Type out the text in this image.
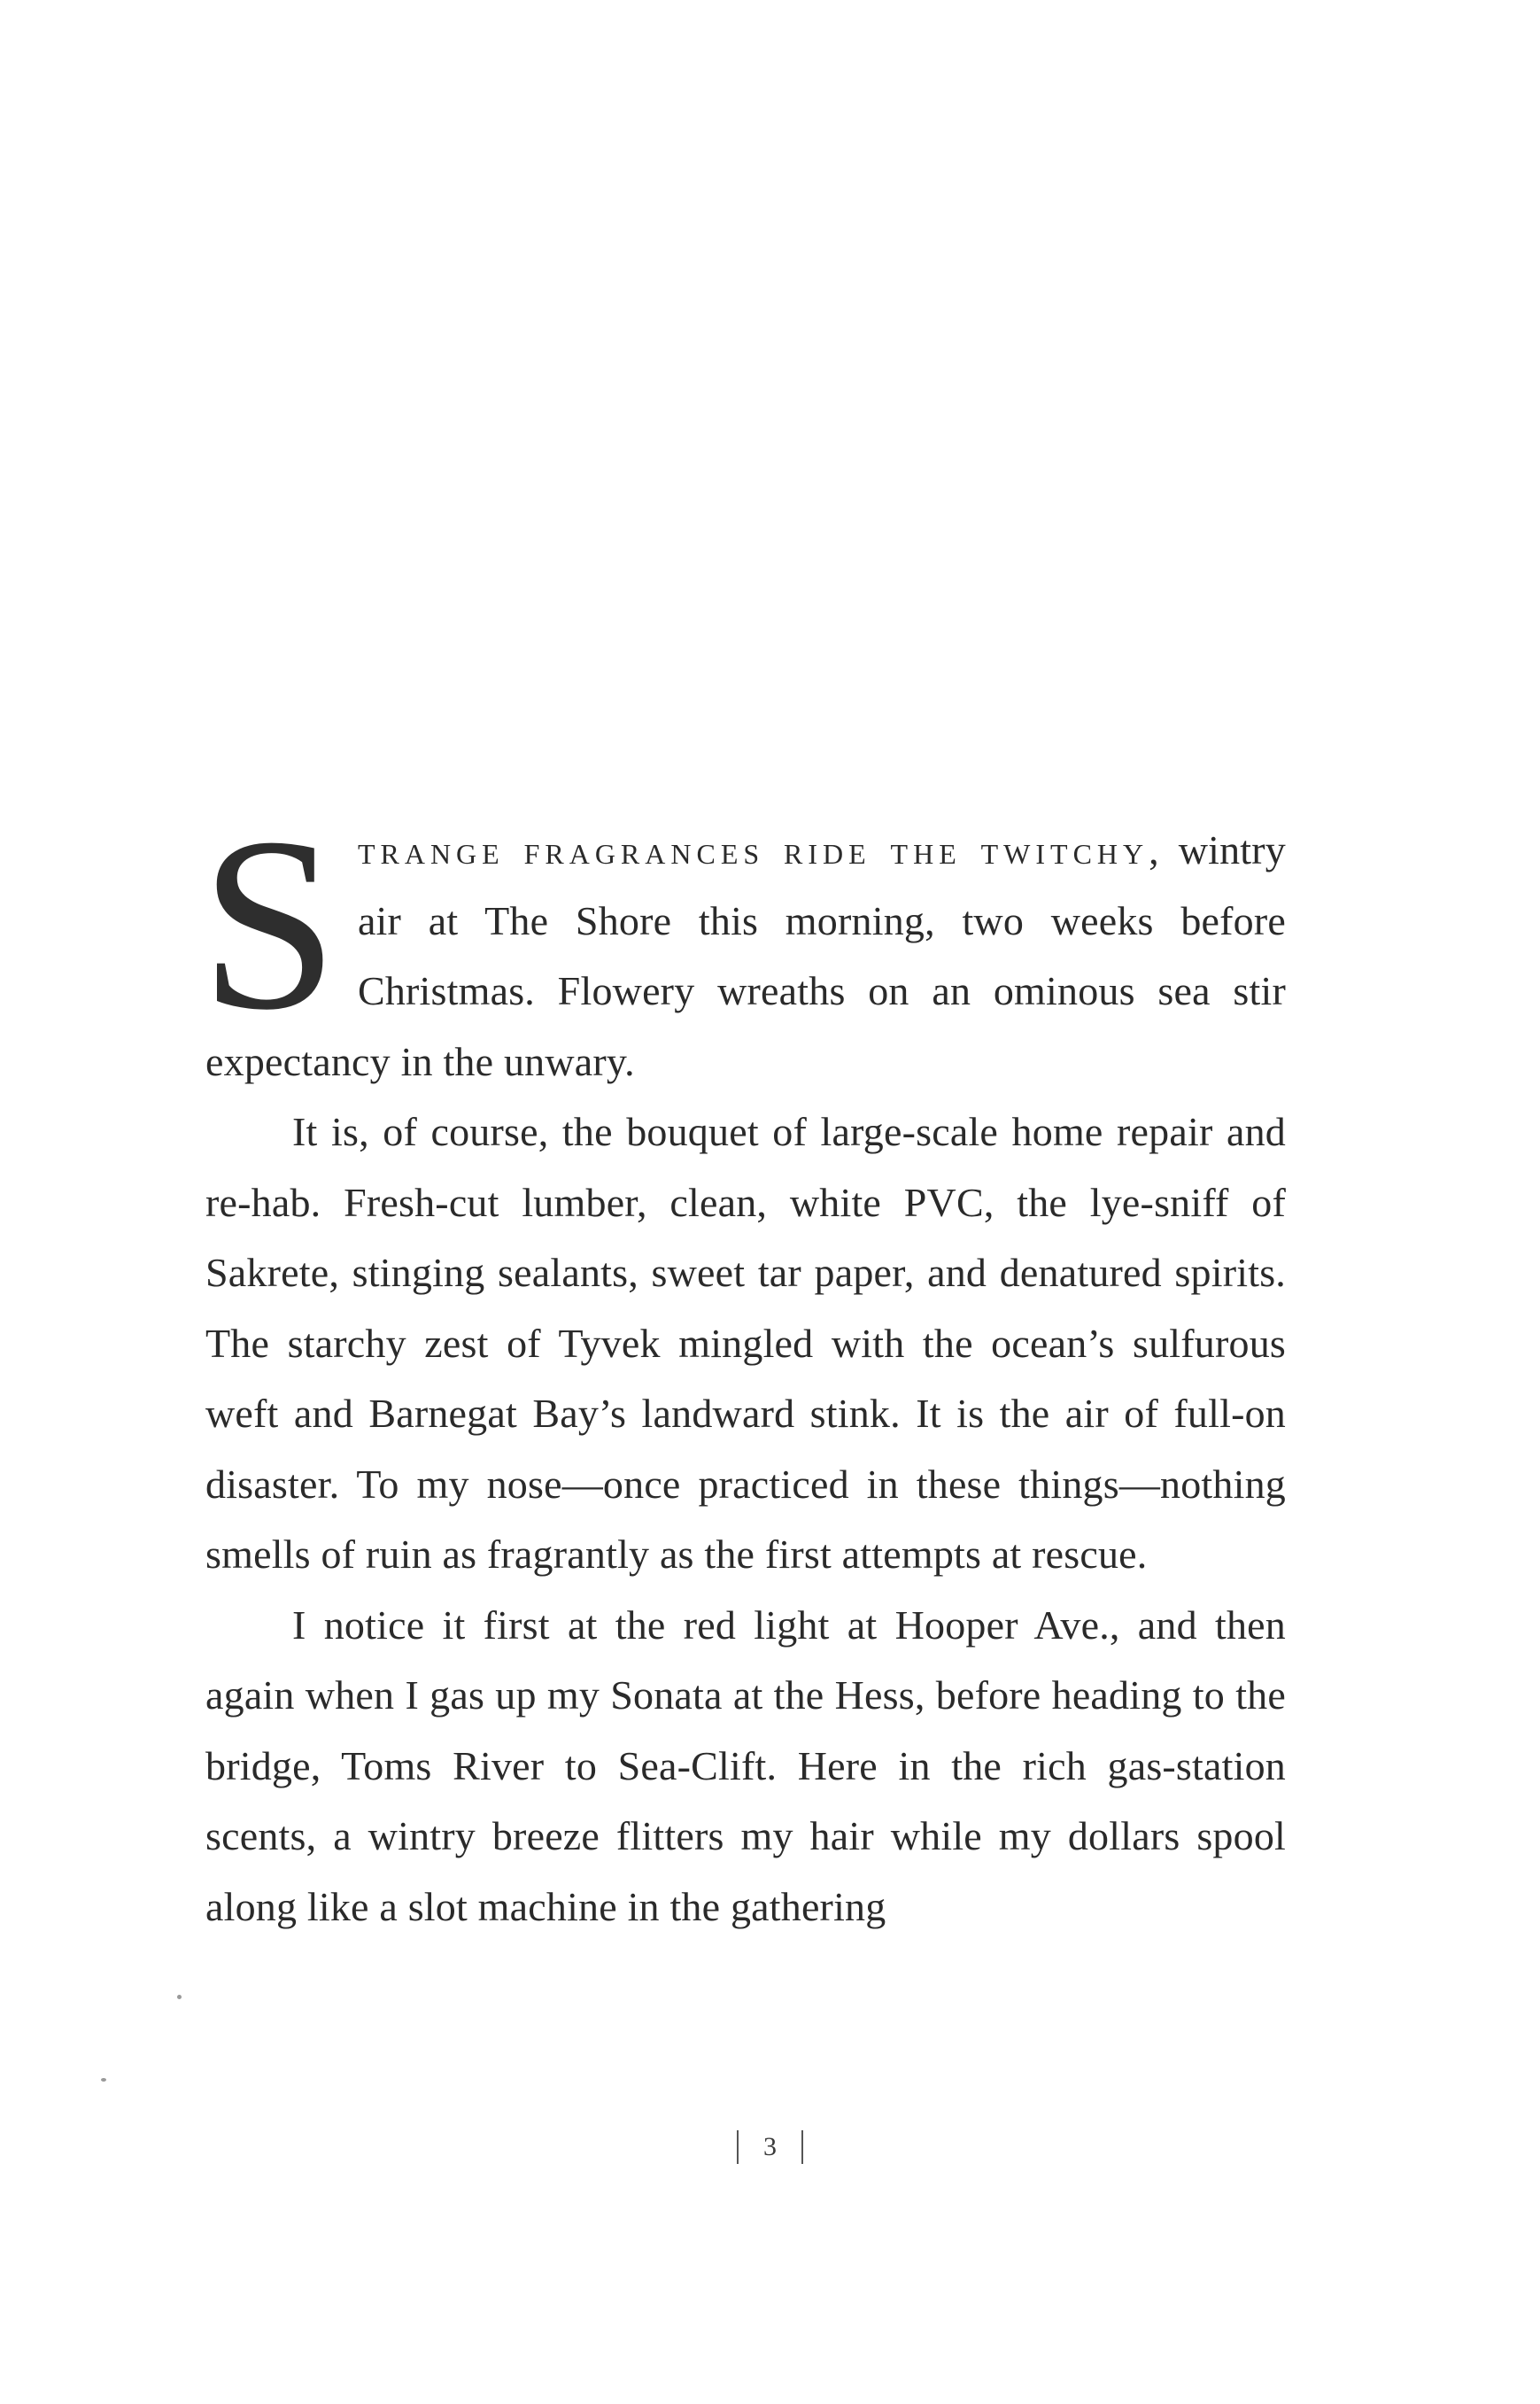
Strange fragrances ride the twitchy, wintry air at The Shore this morning, two weeks before Christmas. Flowery wreaths on an ominous sea stir expectancy in the unwary.

It is, of course, the bouquet of large-scale home repair and re-hab. Fresh-cut lumber, clean, white PVC, the lye-sniff of Sakrete, stinging sealants, sweet tar paper, and denatured spirits. The starchy zest of Tyvek mingled with the ocean’s sulfurous weft and Barnegat Bay’s landward stink. It is the air of full-on disaster. To my nose—once practiced in these things—nothing smells of ruin as fragrantly as the first attempts at rescue.

I notice it first at the red light at Hooper Ave., and then again when I gas up my Sonata at the Hess, before heading to the bridge, Toms River to Sea-Clift. Here in the rich gas-station scents, a wintry breeze flitters my hair while my dollars spool along like a slot machine in the gathering

3
